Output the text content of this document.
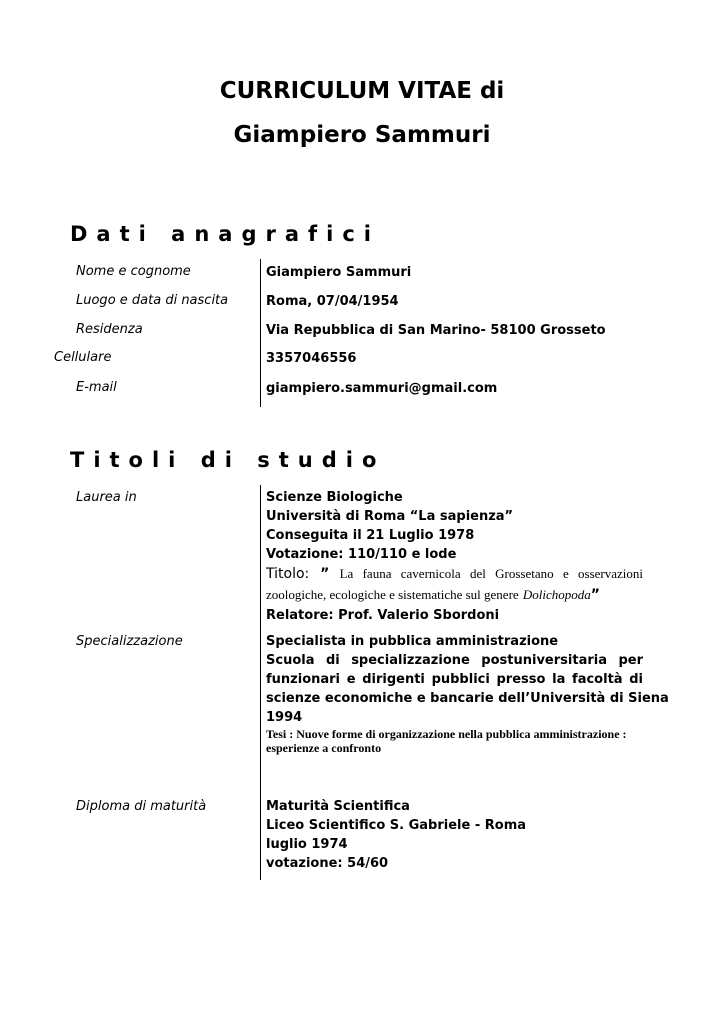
CURRICULUM VITAE di
Giampiero Sammuri
Dati anagrafici
Nome e cognome	Giampiero Sammuri
Luogo e data di nascita	Roma, 07/04/1954
Residenza	Via Repubblica di San Marino- 58100 Grosseto
Cellulare	3357046556
E-mail	giampiero.sammuri@gmail.com
Titoli di studio
Laurea in	Scienze Biologiche
Università di Roma “La sapienza”
Conseguita il 21 Luglio 1978
Votazione: 110/110 e lode
Titolo: ” La fauna cavernicola del Grossetano e osservazioni
zoologiche, ecologiche e sistematiche sul genere Dolichopoda”
Relatore: Prof. Valerio Sbordoni
Specializzazione	Specialista in pubblica amministrazione
Scuola di specializzazione postuniversitaria per
funzionari e dirigenti pubblici presso la facoltà di
scienze economiche e bancarie dell’Università di Siena
1994
Tesi : Nuove forme di organizzazione nella pubblica amministrazione :
esperienze a confronto
Diploma di maturità	Maturità Scientifica
Liceo Scientifico S. Gabriele - Roma
luglio 1974
votazione: 54/60
